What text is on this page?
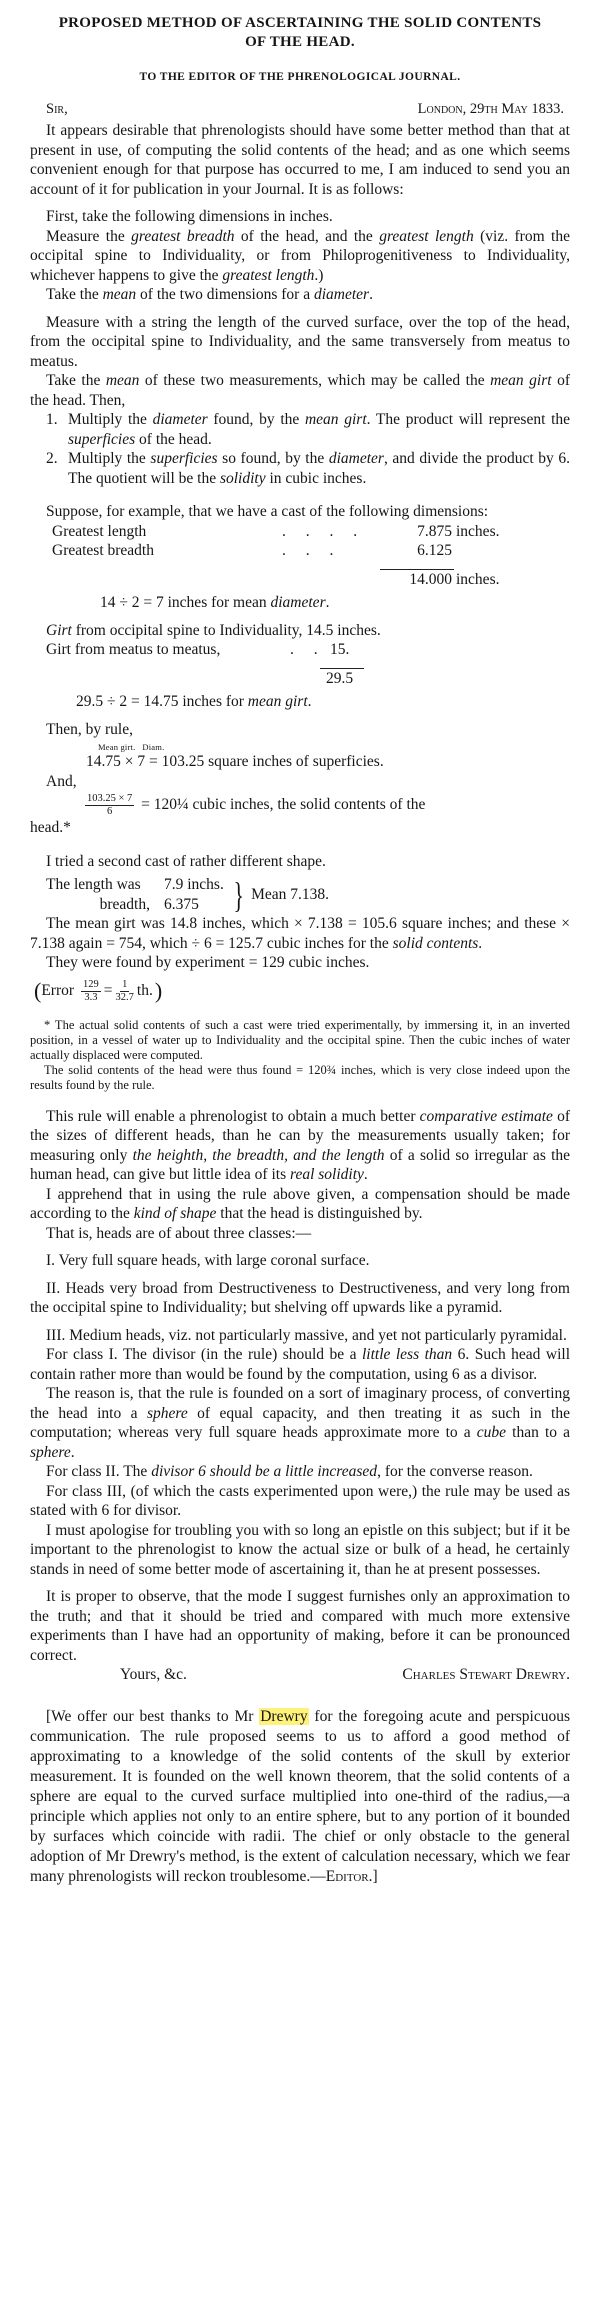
PROPOSED METHOD OF ASCERTAINING THE SOLID CONTENTS OF THE HEAD.
TO THE EDITOR OF THE PHRENOLOGICAL JOURNAL.
Sir,	London, 29th May 1833.

It appears desirable that phrenologists should have some better method than that at present in use, of computing the solid contents of the head; and as one which seems convenient enough for that purpose has occurred to me, I am induced to send you an account of it for publication in your Journal. It is as follows:

First, take the following dimensions in inches.

Measure the greatest breadth of the head, and the greatest length (viz. from the occipital spine to Individuality, or from Philoprogenitiveness to Individuality, whichever happens to give the greatest length.)

Take the mean of the two dimensions for a diameter.

Measure with a string the length of the curved surface, over the top of the head, from the occipital spine to Individuality, and the same transversely from meatus to meatus.

Take the mean of these two measurements, which may be called the mean girt of the head. Then,

1. Multiply the diameter found, by the mean girt. The product will represent the superficies of the head.

2. Multiply the superficies so found, by the diameter, and divide the product by 6. The quotient will be the solidity in cubic inches.

Suppose, for example, that we have a cast of the following dimensions:

Greatest length	. . . .	7.875 inches.
Greatest breadth	. . .	6.125
14.000 inches.

14 ÷ 2 = 7 inches for mean diameter.

Girt from occipital spine to Individuality, 14.5 inches.

Girt from meatus to meatus,	. . 15.
29.5

29.5 ÷ 2 = 14.75 inches for mean girt.

Then, by rule,

Mean girt. Diam.

14.75 × 7 = 103.25 square inches of superficies.

And,

$\frac{103.25 \times 7}{6}$ = 120¼ cubic inches, the solid contents of the

head.*

I tried a second cast of rather different shape.

The length was	7.9 inchs.
breadth, 6.375 } Mean 7.138.

The mean girt was 14.8 inches, which × 7.138 = 105.6 square inches; and these × 7.138 again = 754, which ÷ 6 = 125.7 cubic inches for the solid contents.

They were found by experiment = 129 cubic inches.

( Error $\frac{129}{3.3} = \frac{1}{32.7}$ th. )

* The actual solid contents of such a cast were tried experimentally, by immersing it, in an inverted position, in a vessel of water up to Individuality and the occipital spine. Then the cubic inches of water actually displaced were computed.

The solid contents of the head were thus found = 120¾ inches, which is very close indeed upon the results found by the rule.

This rule will enable a phrenologist to obtain a much better comparative estimate of the sizes of different heads, than he can by the measurements usually taken; for measuring only the heighth, the breadth, and the length of a solid so irregular as the human head, can give but little idea of its real solidity.

I apprehend that in using the rule above given, a compensation should be made according to the kind of shape that the head is distinguished by.

That is, heads are of about three classes:—

I. Very full square heads, with large coronal surface.

II. Heads very broad from Destructiveness to Destructiveness, and very long from the occipital spine to Individuality; but shelving off upwards like a pyramid.

III. Medium heads, viz. not particularly massive, and yet not particularly pyramidal.

For class I. The divisor (in the rule) should be a little less than 6. Such head will contain rather more than would be found by the computation, using 6 as a divisor.

The reason is, that the rule is founded on a sort of imaginary process, of converting the head into a sphere of equal capacity, and then treating it as such in the computation; whereas very full square heads approximate more to a cube than to a sphere.

For class II. The divisor 6 should be a little increased, for the converse reason.

For class III, (of which the casts experimented upon were,) the rule may be used as stated with 6 for divisor.

I must apologise for troubling you with so long an epistle on this subject; but if it be important to the phrenologist to know the actual size or bulk of a head, he certainly stands in need of some better mode of ascertaining it, than he at present possesses.

It is proper to observe, that the mode I suggest furnishes only an approximation to the truth; and that it should be tried and compared with much more extensive experiments than I have had an opportunity of making, before it can be pronounced correct.

Yours, &c.	Charles Stewart Drewry.

[We offer our best thanks to Mr Drewry for the foregoing acute and perspicuous communication. The rule proposed seems to us to afford a good method of approximating to a knowledge of the solid contents of the skull by exterior measurement. It is founded on the well known theorem, that the solid contents of a sphere are equal to the curved surface multiplied into one-third of the radius,—a principle which applies not only to an entire sphere, but to any portion of it bounded by surfaces which coincide with radii. The chief or only obstacle to the general adoption of Mr Drewry's method, is the extent of calculation necessary, which we fear many phrenologists will reckon troublesome.—Editor.]
